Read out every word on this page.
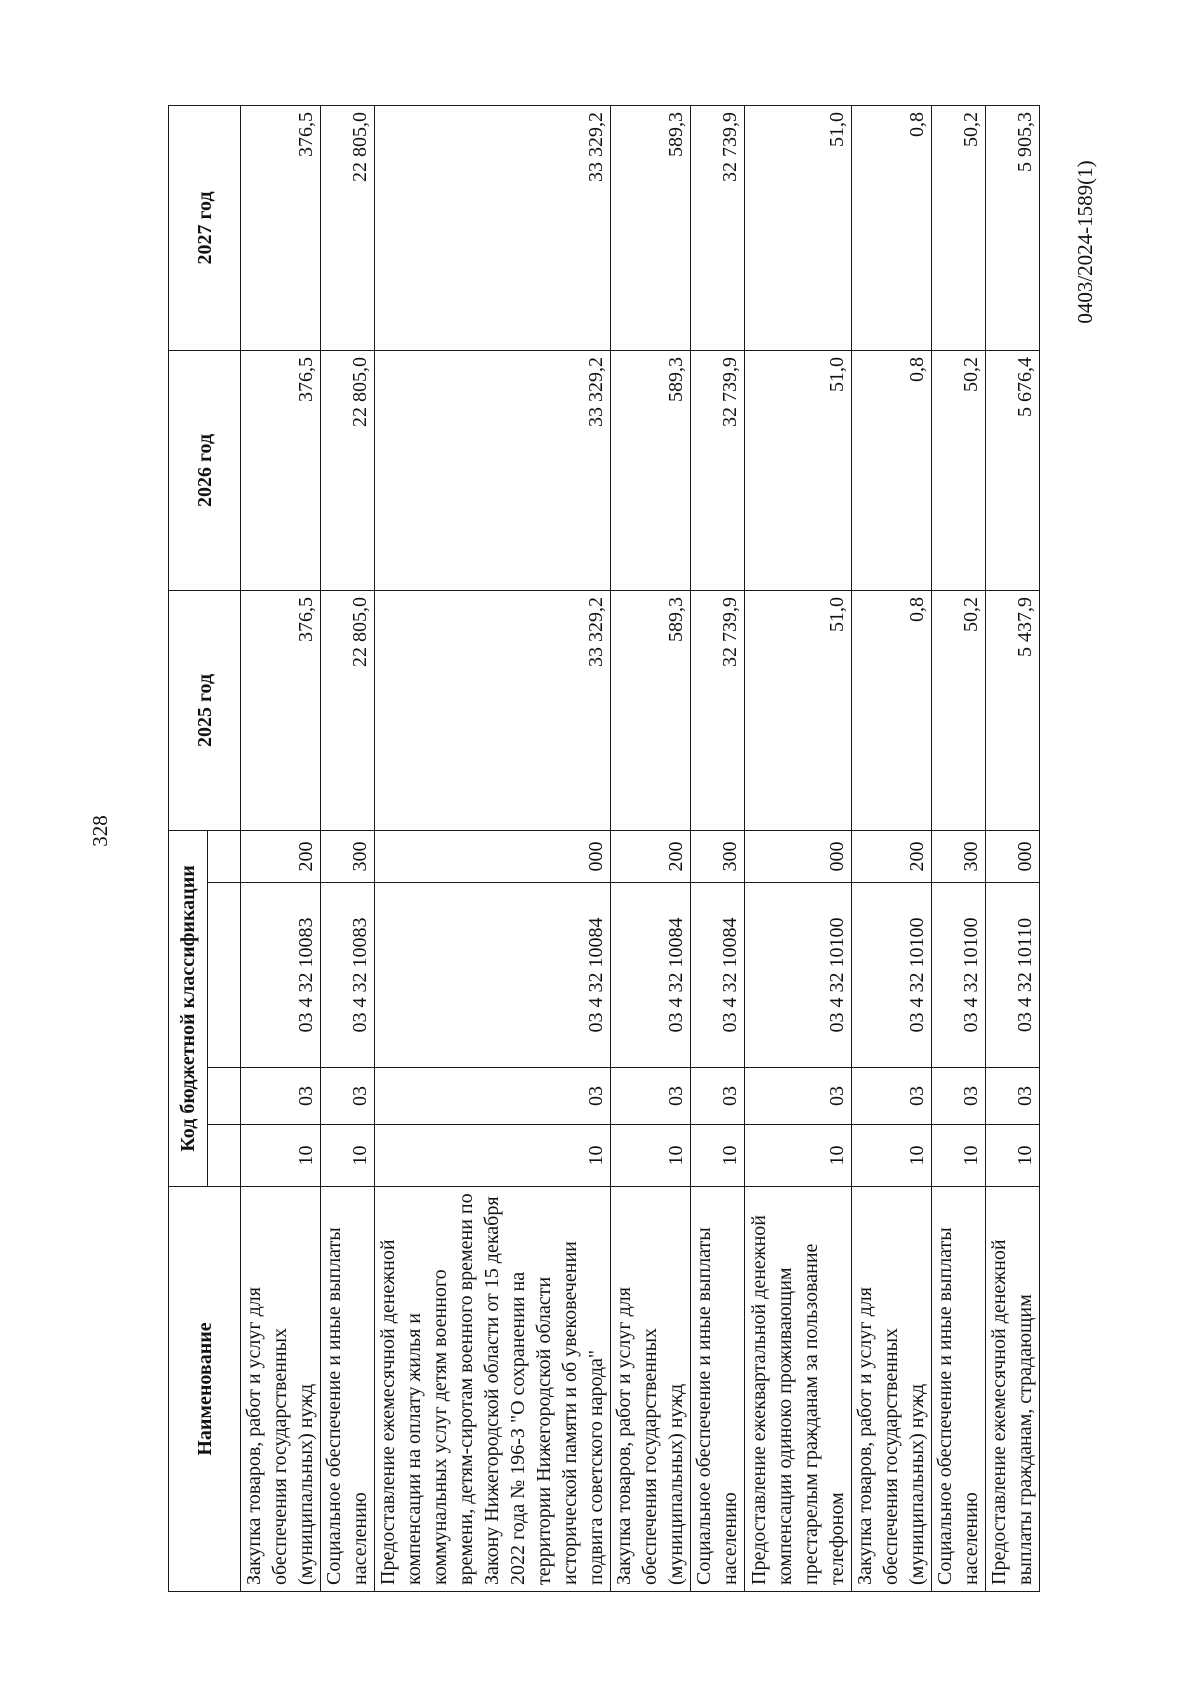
328
0403/2024-1589(1)
Наименование	Код бюджетной классификации				2025 год	2026 год	2027 год

Закупка товаров, работ и услуг для обеспечения государственных (муниципальных) нужд	10	03	03 4 32 10083	200	376,5	376,5	376,5
Социальное обеспечение и иные выплаты населению	10	03	03 4 32 10083	300	22 805,0	22 805,0	22 805,0
Предоставление ежемесячной денежной компенсации на оплату жилья и коммунальных услуг детям военного времени, детям-сиротам военного времени по Закону Нижегородской области от 15 декабря 2022 года № 196-З "О сохранении на территории Нижегородской области исторической памяти и об увековечении подвига советского народа"	10	03	03 4 32 10084	000	33 329,2	33 329,2	33 329,2
Закупка товаров, работ и услуг для обеспечения государственных (муниципальных) нужд	10	03	03 4 32 10084	200	589,3	589,3	589,3
Социальное обеспечение и иные выплаты населению	10	03	03 4 32 10084	300	32 739,9	32 739,9	32 739,9
Предоставление ежеквартальной денежной компенсации одиноко проживающим престарелым гражданам за пользование телефоном	10	03	03 4 32 10100	000	51,0	51,0	51,0
Закупка товаров, работ и услуг для обеспечения государственных (муниципальных) нужд	10	03	03 4 32 10100	200	0,8	0,8	0,8
Социальное обеспечение и иные выплаты населению	10	03	03 4 32 10100	300	50,2	50,2	50,2
Предоставление ежемесячной денежной выплаты гражданам, страдающим	10	03	03 4 32 10110	000	5 437,9	5 676,4	5 905,3
